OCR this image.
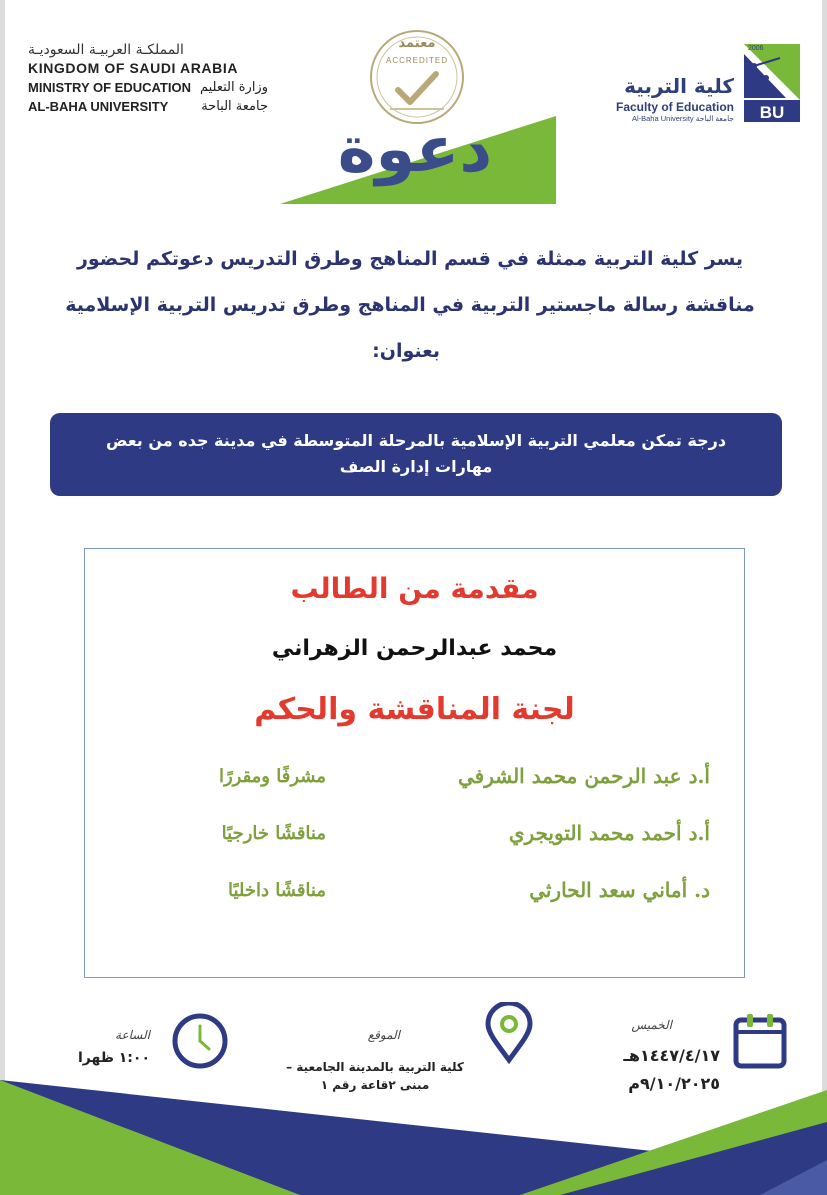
المملكـة العربيـة السعوديـة
KINGDOM OF SAUDI ARABIA
MINISTRY OF EDUCATION وزارة التعليم
AL-BAHA UNIVERSITY	جامعة الباحة
معتمد
ACCREDITED
دعوة
كلية التربية
Faculty of Education
Al-Baha University جامعة الباحة
2006
BU
يسر كلية التربية ممثلة في قسم المناهج وطرق التدريس دعوتكم لحضور
مناقشة رسالة ماجستير التربية في المناهج وطرق تدريس التربية الإسلامية
بعنوان:
درجة تمكن معلمي التربية الإسلامية بالمرحلة المتوسطة في مدينة جده من بعض
مهارات إدارة الصف
مقدمة من الطالب
محمد عبدالرحمن الزهراني
لجنة المناقشة والحكم
أ.د عبد الرحمن محمد الشرفي
مشرفًا ومقررًا
أ.د أحمد محمد التويجري
مناقشًا خارجيًا
د. أماني سعد الحارثي
مناقشًا داخليًا
الساعة
١:٠٠ ظهرا
الموقع
كلية التربية بالمدينة الجامعية –
مبنى ٢قاعة رقم ١
الخميس
١٤٤٧/٤/١٧هـ
٩/١٠/٢٠٢٥م
